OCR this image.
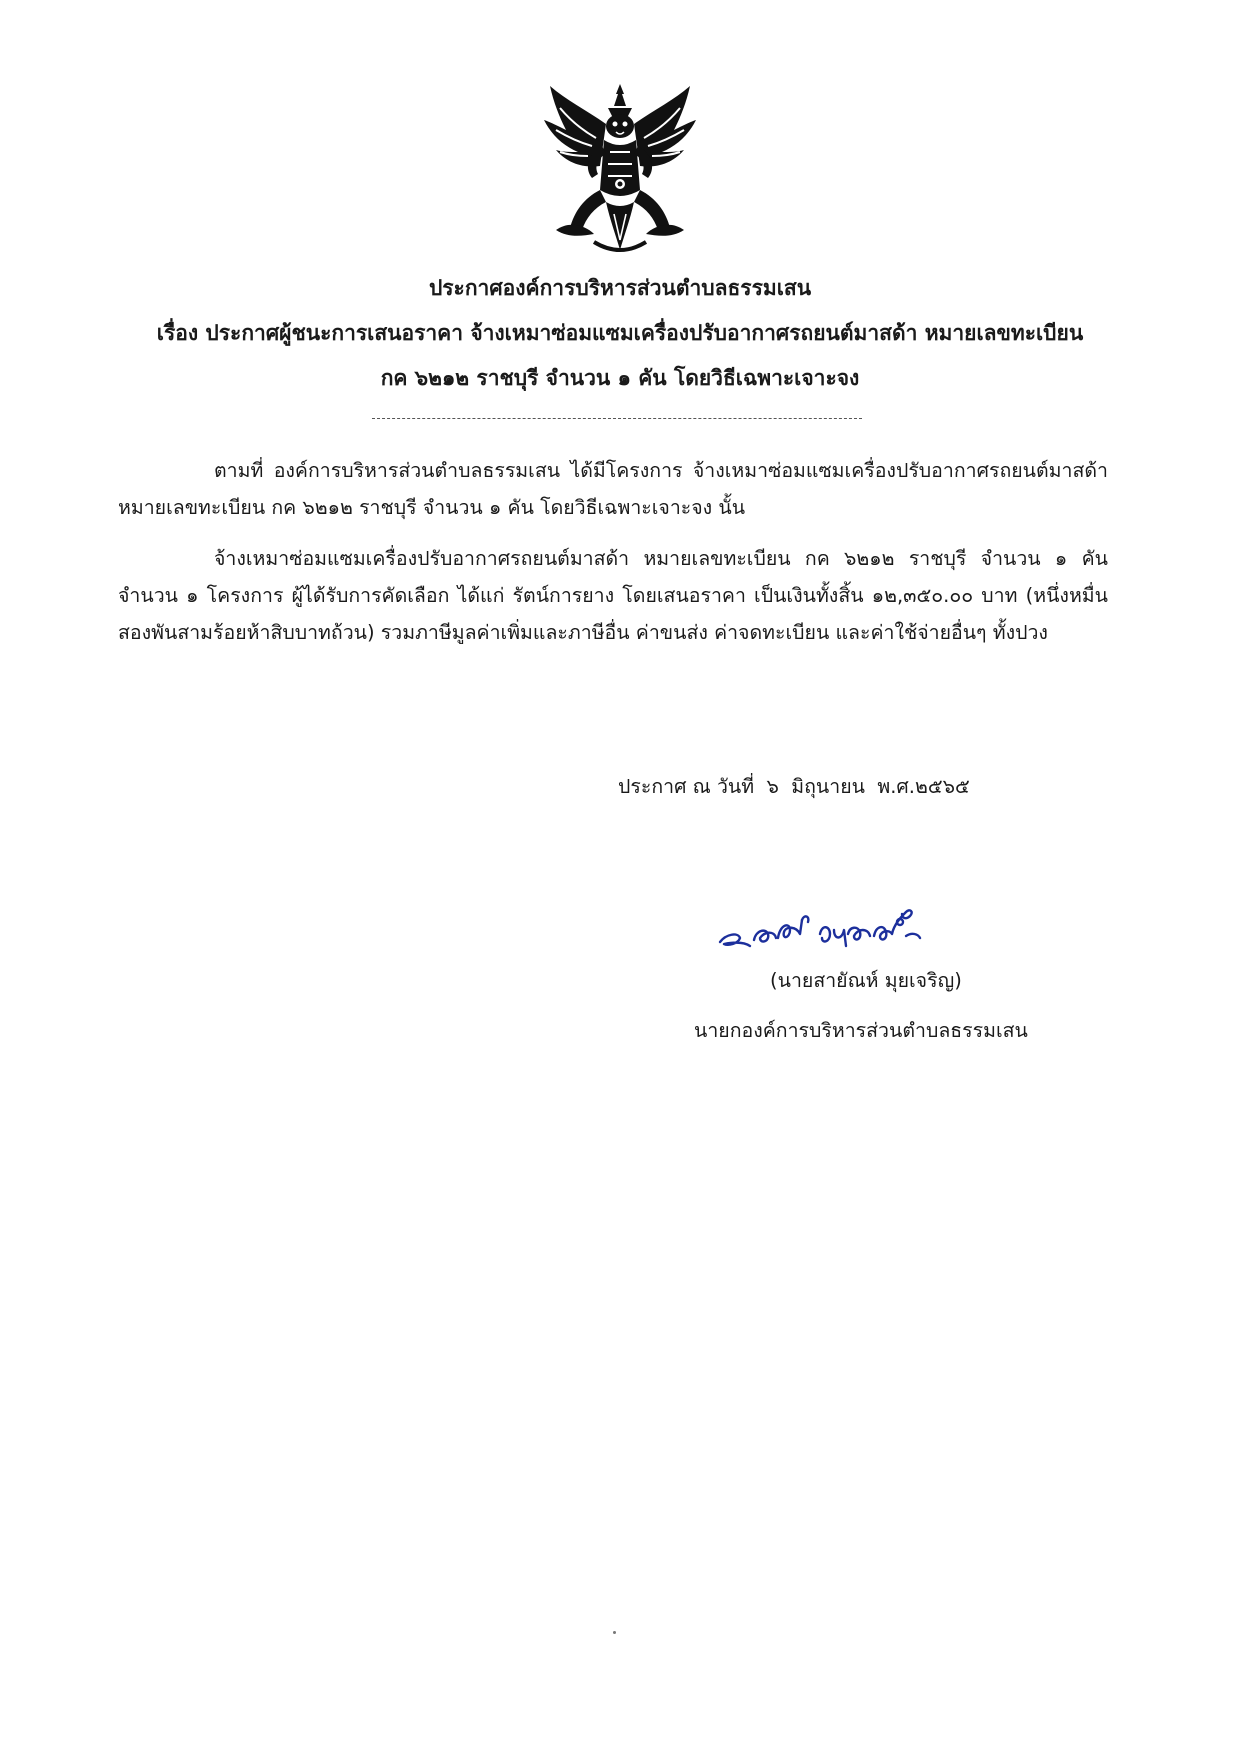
ประกาศองค์การบริหารส่วนตำบลธรรมเสน
เรื่อง ประกาศผู้ชนะการเสนอราคา จ้างเหมาซ่อมแซมเครื่องปรับอากาศรถยนต์มาสด้า หมายเลขทะเบียน
กค ๖๒๑๒ ราชบุรี จำนวน ๑ คัน โดยวิธีเฉพาะเจาะจง
ตามที่ องค์การบริหารส่วนตำบลธรรมเสน ได้มีโครงการ จ้างเหมาซ่อมแซมเครื่องปรับอากาศรถยนต์มาสด้า หมายเลขทะเบียน กค ๖๒๑๒ ราชบุรี จำนวน ๑ คัน โดยวิธีเฉพาะเจาะจง นั้น
จ้างเหมาซ่อมแซมเครื่องปรับอากาศรถยนต์มาสด้า หมายเลขทะเบียน กค ๖๒๑๒ ราชบุรี จำนวน ๑ คัน จำนวน ๑ โครงการ ผู้ได้รับการคัดเลือก ได้แก่ รัตน์การยาง โดยเสนอราคา เป็นเงินทั้งสิ้น ๑๒,๓๕๐.๐๐ บาท (หนึ่งหมื่นสองพันสามร้อยห้าสิบบาทถ้วน) รวมภาษีมูลค่าเพิ่มและภาษีอื่น ค่าขนส่ง ค่าจดทะเบียน และค่าใช้จ่ายอื่นๆ ทั้งปวง
ประกาศ ณ วันที่  ๖  มิถุนายน  พ.ศ.๒๕๖๕
(นายสายัณห์ มุยเจริญ)
นายกองค์การบริหารส่วนตำบลธรรมเสน
